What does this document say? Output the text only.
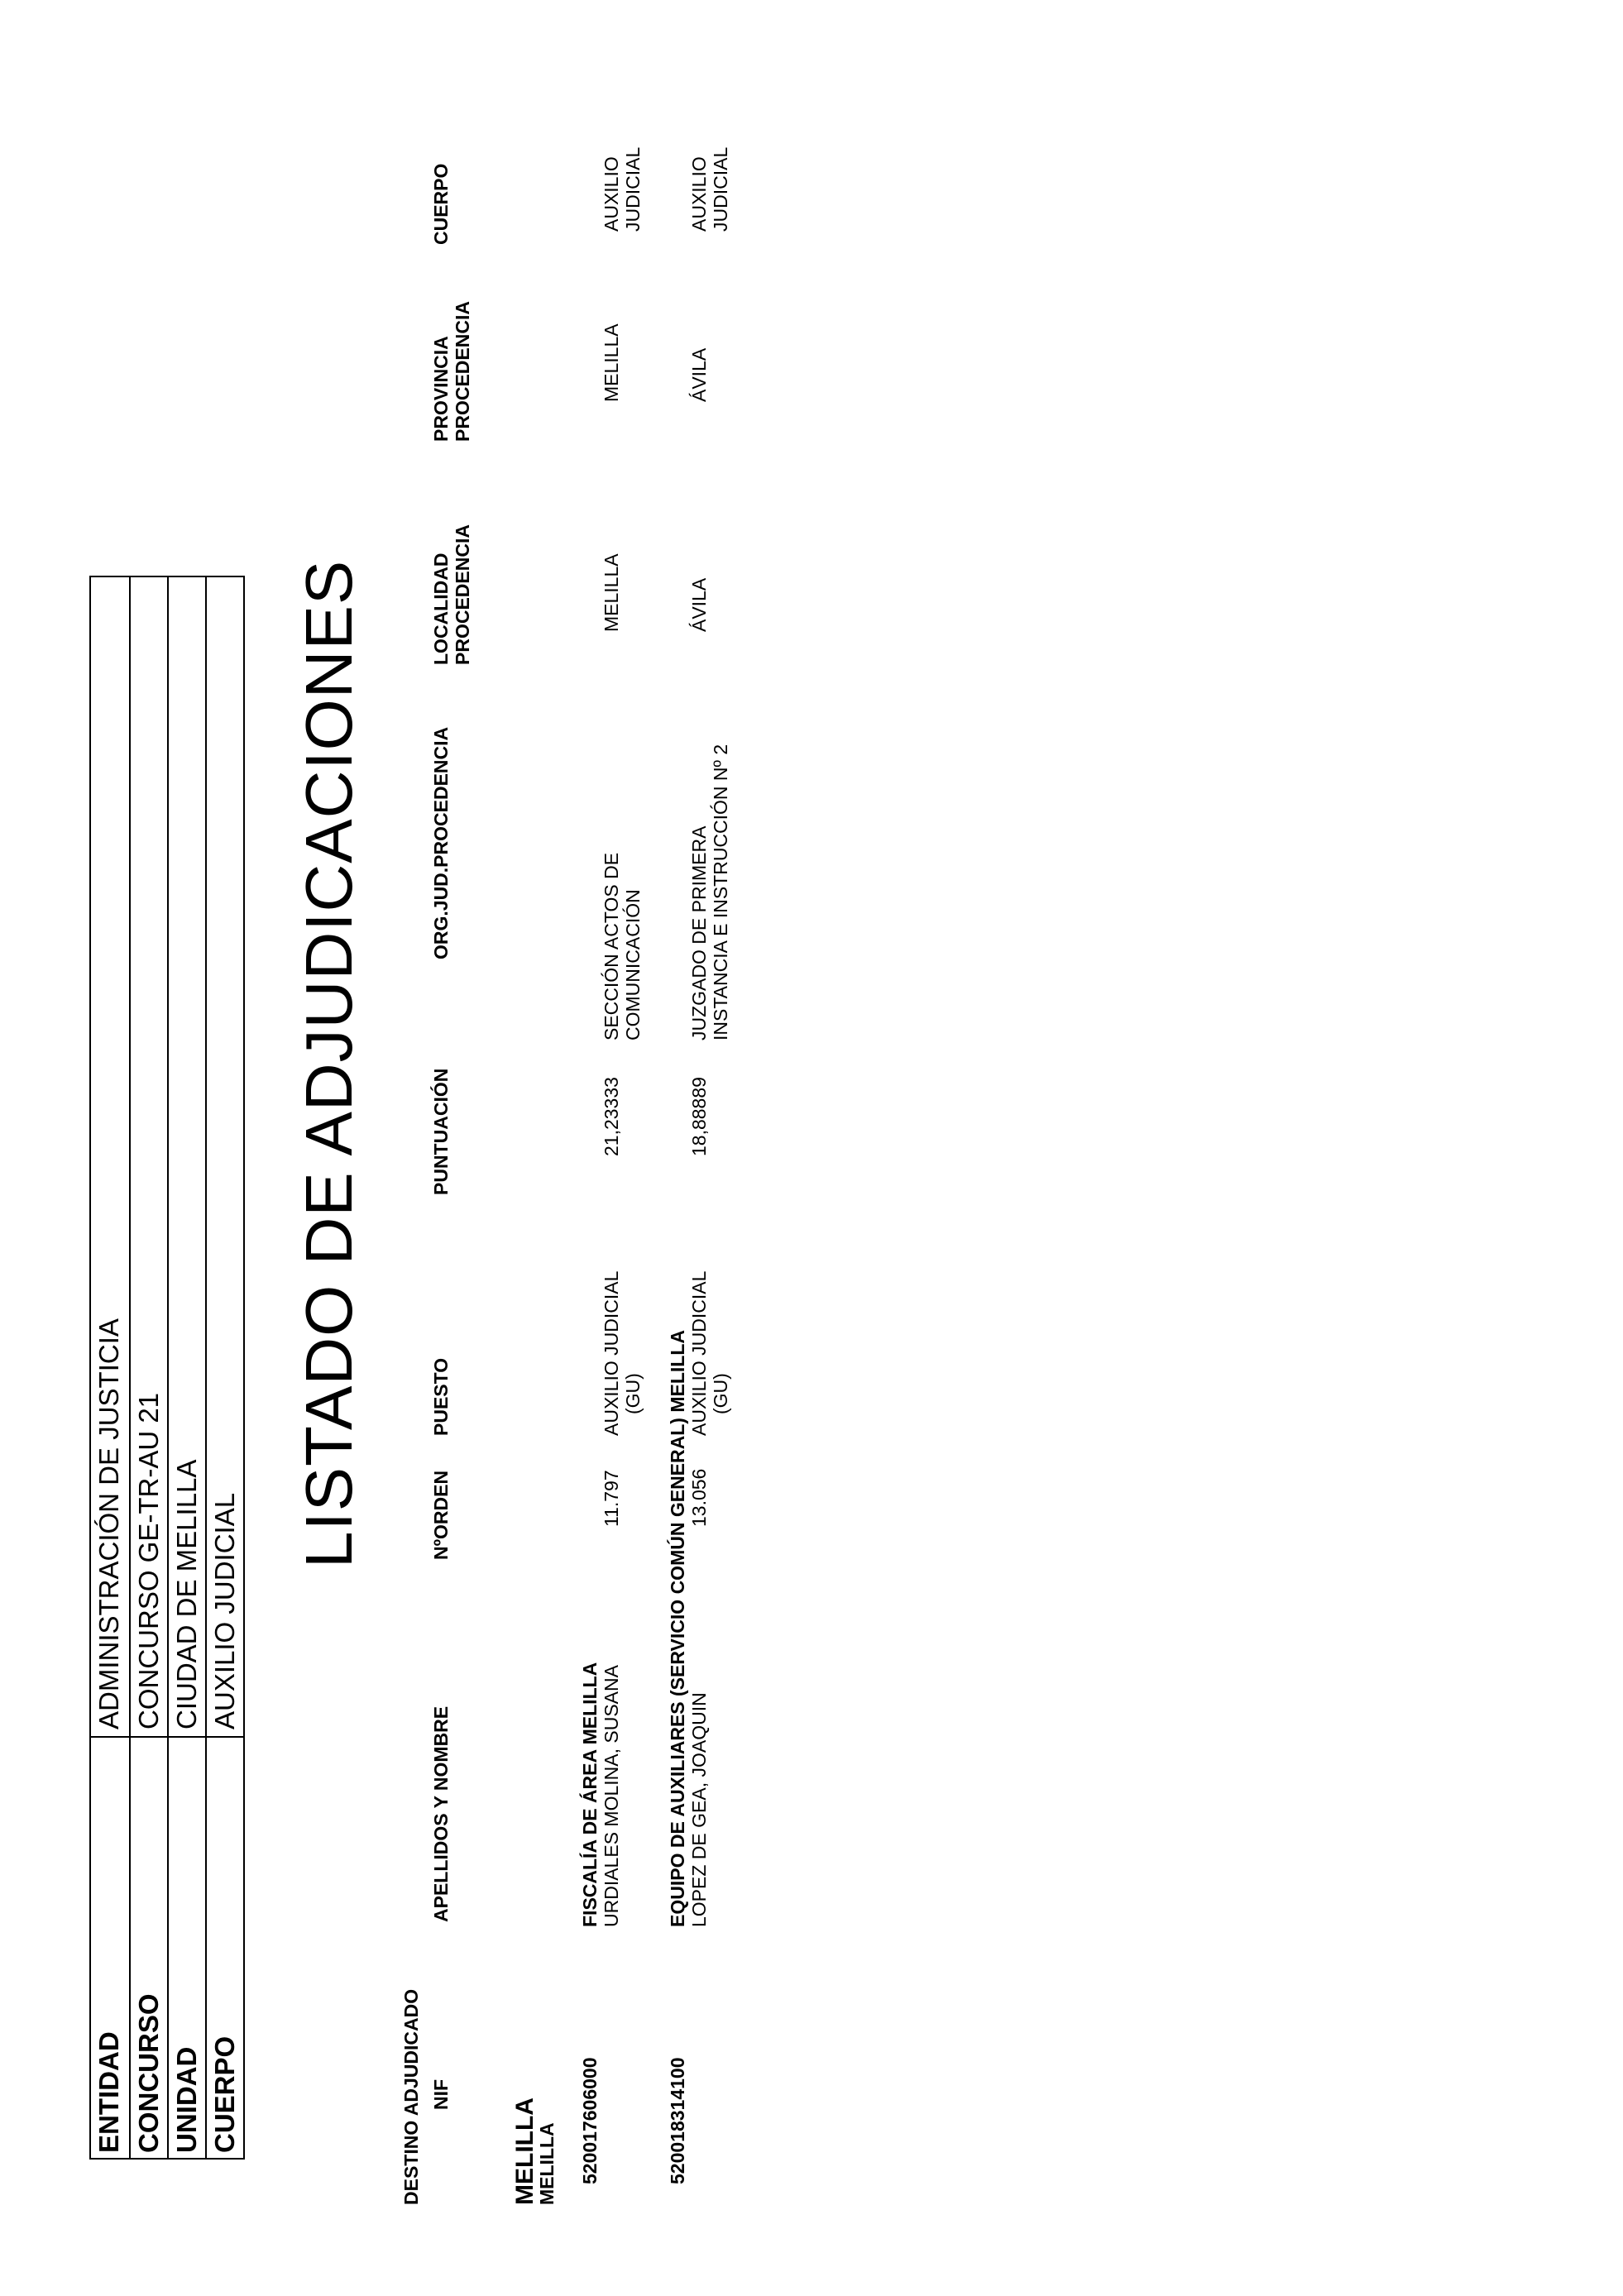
ENTIDAD
ADMINISTRACIÓN DE JUSTICIA
CONCURSO
CONCURSO GE-TR-AU 21
UNIDAD
CIUDAD DE MELILLA
CUERPO
AUXILIO JUDICIAL
LISTADO DE ADJUDICACIONES
DESTINO ADJUDICADO NIF
APELLIDOS Y NOMBRE
NºORDEN
PUESTO
PUNTUACIÓN
ORG.JUD.PROCEDENCIA
LOCALIDAD PROCEDENCIA
PROVINCIA PROCEDENCIA
CUERPO
MELILLA
MELILLA 520017606000
FISCALÍA DE ÁREA MELILLA URDIALES MOLINA, SUSANA
11.797
AUXILIO JUDICIAL (GU)
21,23333
SECCIÓN ACTOS DE COMUNICACIÓN
MELILLA
MELILLA
AUXILIO JUDICIAL
520018314100
EQUIPO DE AUXILIARES (SERVICIO COMÚN GENERAL) MELILLA LOPEZ DE GEA, JOAQUIN
13.056
AUXILIO JUDICIAL (GU)
18,88889
JUZGADO DE PRIMERA INSTANCIA E INSTRUCCIÓN Nº 2
ÁVILA
ÁVILA
AUXILIO JUDICIAL
